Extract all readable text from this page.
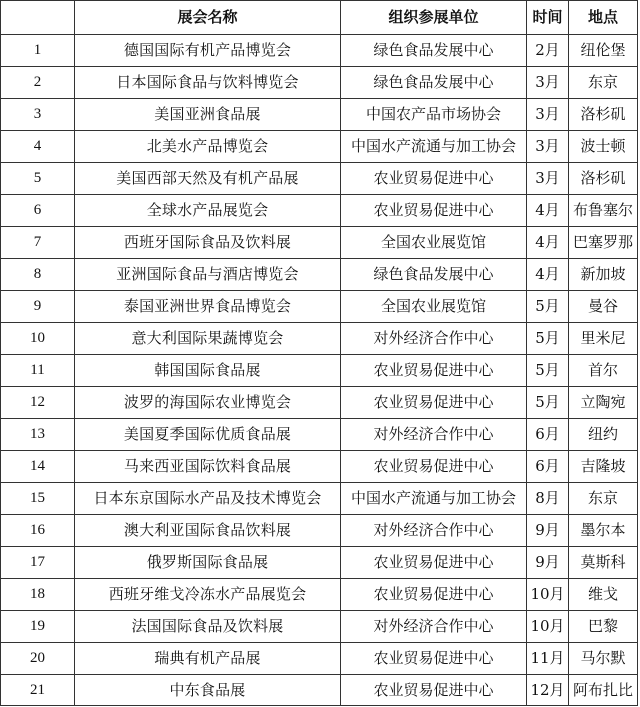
	展会名称	组织参展单位	时间	地点
1	德国国际有机产品博览会	绿色食品发展中心	2月	纽伦堡
2	日本国际食品与饮料博览会	绿色食品发展中心	3月	东京
3	美国亚洲食品展	中国农产品市场协会	3月	洛杉矶
4	北美水产品博览会	中国水产流通与加工协会	3月	波士顿
5	美国西部天然及有机产品展	农业贸易促进中心	3月	洛杉矶
6	全球水产品展览会	农业贸易促进中心	4月	布鲁塞尔
7	西班牙国际食品及饮料展	全国农业展览馆	4月	巴塞罗那
8	亚洲国际食品与酒店博览会	绿色食品发展中心	4月	新加坡
9	泰国亚洲世界食品博览会	全国农业展览馆	5月	曼谷
10	意大利国际果蔬博览会	对外经济合作中心	5月	里米尼
11	韩国国际食品展	农业贸易促进中心	5月	首尔
12	波罗的海国际农业博览会	农业贸易促进中心	5月	立陶宛
13	美国夏季国际优质食品展	对外经济合作中心	6月	纽约
14	马来西亚国际饮料食品展	农业贸易促进中心	6月	吉隆坡
15	日本东京国际水产品及技术博览会	中国水产流通与加工协会	8月	东京
16	澳大利亚国际食品饮料展	对外经济合作中心	9月	墨尔本
17	俄罗斯国际食品展	农业贸易促进中心	9月	莫斯科
18	西班牙维戈冷冻水产品展览会	农业贸易促进中心	10月	维戈
19	法国国际食品及饮料展	对外经济合作中心	10月	巴黎
20	瑞典有机产品展	农业贸易促进中心	11月	马尔默
21	中东食品展	农业贸易促进中心	12月	阿布扎比
